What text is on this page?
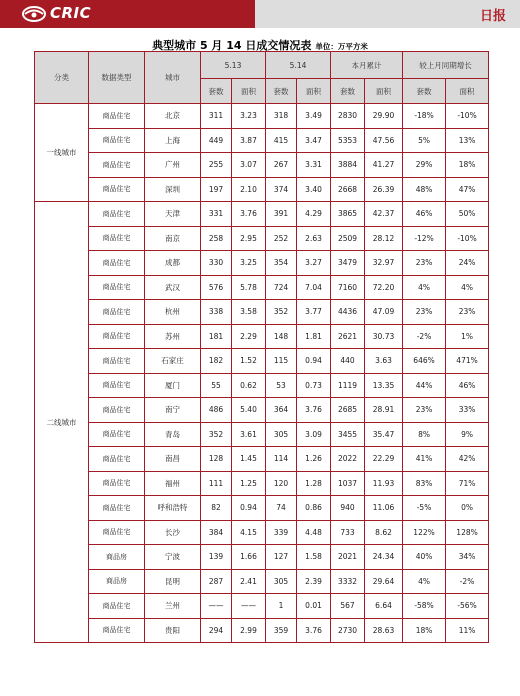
CRIC	日报
典型城市 5 月 14 日成交情况表 单位：万平方米
分类	数据类型	城市	5.13		5.14		本月累计		较上月同期增长	
			套数	面积	套数	面积	套数	面积	套数	面积
一线城市	商品住宅	北京	311	3.23	318	3.49	2830	29.90	-18%	-10%
	商品住宅	上海	449	3.87	415	3.47	5353	47.56	5%	13%
	商品住宅	广州	255	3.07	267	3.31	3884	41.27	29%	18%
	商品住宅	深圳	197	2.10	374	3.40	2668	26.39	48%	47%
二线城市	商品住宅	天津	331	3.76	391	4.29	3865	42.37	46%	50%
	商品住宅	南京	258	2.95	252	2.63	2509	28.12	-12%	-10%
	商品住宅	成都	330	3.25	354	3.27	3479	32.97	23%	24%
	商品住宅	武汉	576	5.78	724	7.04	7160	72.20	4%	4%
	商品住宅	杭州	338	3.58	352	3.77	4436	47.09	23%	23%
	商品住宅	苏州	181	2.29	148	1.81	2621	30.73	-2%	1%
	商品住宅	石家庄	182	1.52	115	0.94	440	3.63	646%	471%
	商品住宅	厦门	55	0.62	53	0.73	1119	13.35	44%	46%
	商品住宅	南宁	486	5.40	364	3.76	2685	28.91	23%	33%
	商品住宅	青岛	352	3.61	305	3.09	3455	35.47	8%	9%
	商品住宅	南昌	128	1.45	114	1.26	2022	22.29	41%	42%
	商品住宅	福州	111	1.25	120	1.28	1037	11.93	83%	71%
	商品住宅	呼和浩特	82	0.94	74	0.86	940	11.06	-5%	0%
	商品住宅	长沙	384	4.15	339	4.48	733	8.62	122%	128%
	商品房	宁波	139	1.66	127	1.58	2021	24.34	40%	34%
	商品房	昆明	287	2.41	305	2.39	3332	29.64	4%	-2%
	商品住宅	兰州	——	——	1	0.01	567	6.64	-58%	-56%
	商品住宅	贵阳	294	2.99	359	3.76	2730	28.63	18%	11%
